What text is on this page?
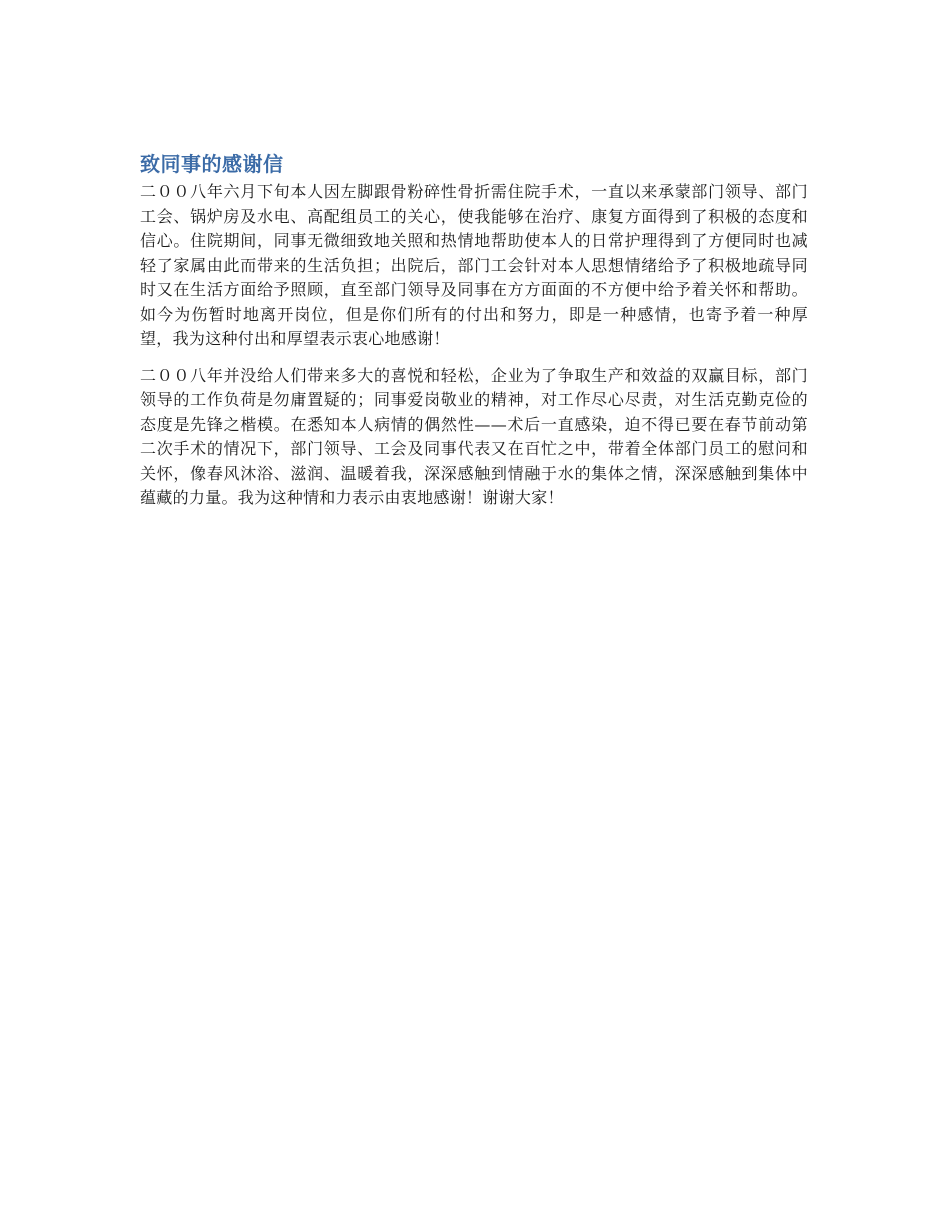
致同事的感谢信

二００八年六月下旬本人因左脚跟骨粉碎性骨折需住院手术，一直以来承蒙部门领导、部门工会、锅炉房及水电、高配组员工的关心，使我能够在治疗、康复方面得到了积极的态度和信心。住院期间，同事无微细致地关照和热情地帮助使本人的日常护理得到了方便同时也减轻了家属由此而带来的生活负担；出院后，部门工会针对本人思想情绪给予了积极地疏导同时又在生活方面给予照顾，直至部门领导及同事在方方面面的不方便中给予着关怀和帮助。如今为伤暂时地离开岗位，但是你们所有的付出和努力，即是一种感情，也寄予着一种厚望，我为这种付出和厚望表示衷心地感谢！

二００八年并没给人们带来多大的喜悦和轻松，企业为了争取生产和效益的双赢目标，部门领导的工作负荷是勿庸置疑的；同事爱岗敬业的精神，对工作尽心尽责，对生活克勤克俭的态度是先锋之楷模。在悉知本人病情的偶然性——术后一直感染，迫不得已要在春节前动第二次手术的情况下，部门领导、工会及同事代表又在百忙之中，带着全体部门员工的慰问和关怀，像春风沐浴、滋润、温暖着我，深深感触到情融于水的集体之情，深深感触到集体中蕴藏的力量。我为这种情和力表示由衷地感谢！谢谢大家！
